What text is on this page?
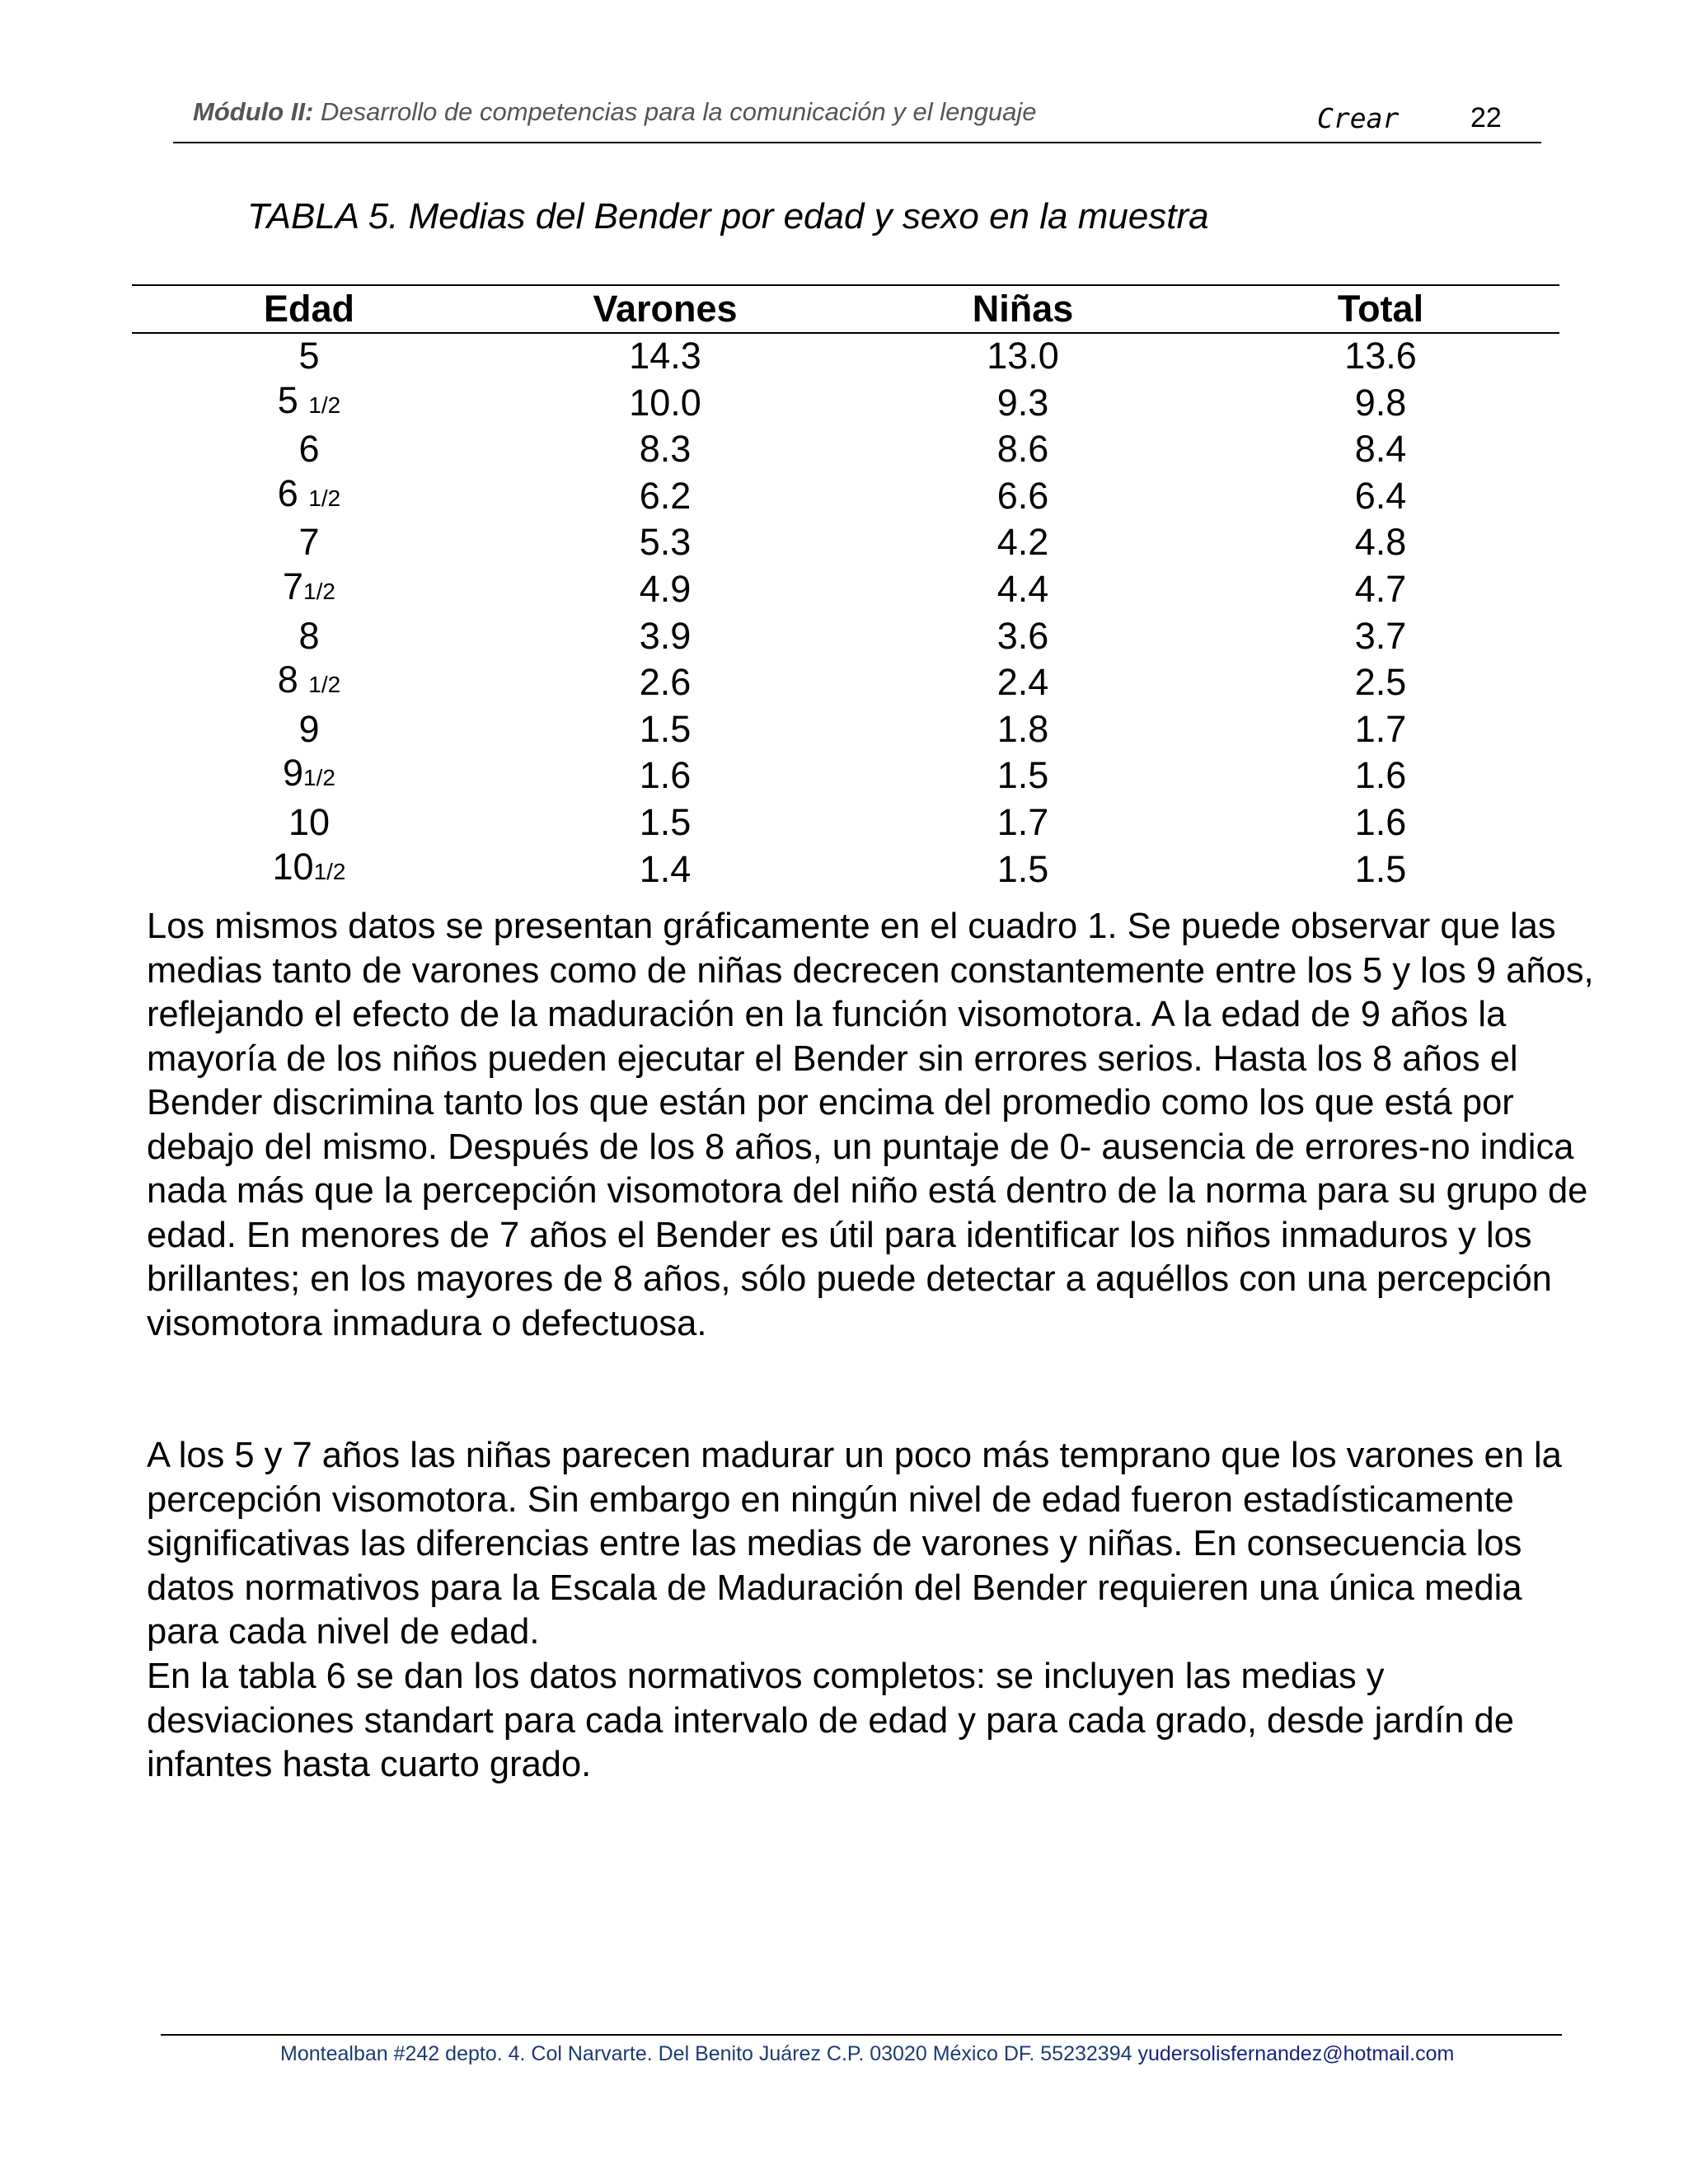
Módulo II: Desarrollo de competencias para la comunicación y el lenguaje	Crear	22
TABLA 5. Medias del Bender por edad y sexo en la muestra
Edad	Varones	Niñas	Total
5	14.3	13.0	13.6
5 1/2	10.0	9.3	9.8
6	8.3	8.6	8.4
6 1/2	6.2	6.6	6.4
7	5.3	4.2	4.8
71/2	4.9	4.4	4.7
8	3.9	3.6	3.7
8 1/2	2.6	2.4	2.5
9	1.5	1.8	1.7
91/2	1.6	1.5	1.6
10	1.5	1.7	1.6
101/2	1.4	1.5	1.5

Los mismos datos se presentan gráficamente en el cuadro 1. Se puede observar que las medias tanto de varones como de niñas decrecen constantemente entre los 5 y los 9 años, reflejando el efecto de la maduración en la función visomotora. A la edad de 9 años la mayoría de los niños pueden ejecutar el Bender sin errores serios. Hasta los 8 años el Bender discrimina tanto los que están por encima del promedio como los que está por debajo del mismo. Después de los 8 años, un puntaje de 0- ausencia de errores-no indica nada más que la percepción visomotora del niño está dentro de la norma para su grupo de edad. En menores de 7 años el Bender es útil para identificar los niños inmaduros y los brillantes; en los mayores de 8 años, sólo puede detectar a aquéllos con una percepción visomotora inmadura o defectuosa.

A los 5 y 7 años las niñas parecen madurar un poco más temprano que los varones en la percepción visomotora. Sin embargo en ningún nivel de edad fueron estadísticamente significativas las diferencias entre las medias de varones y niñas. En consecuencia los datos normativos para la Escala de Maduración del Bender requieren una única media para cada nivel de edad.

En la tabla 6 se dan los datos normativos completos: se incluyen las medias y desviaciones standart para cada intervalo de edad y para cada grado, desde jardín de infantes hasta cuarto grado.

Montealban #242 depto. 4. Col Narvarte. Del Benito Juárez C.P. 03020 México DF. 55232394 yudersolisfernandez@hotmail.com
